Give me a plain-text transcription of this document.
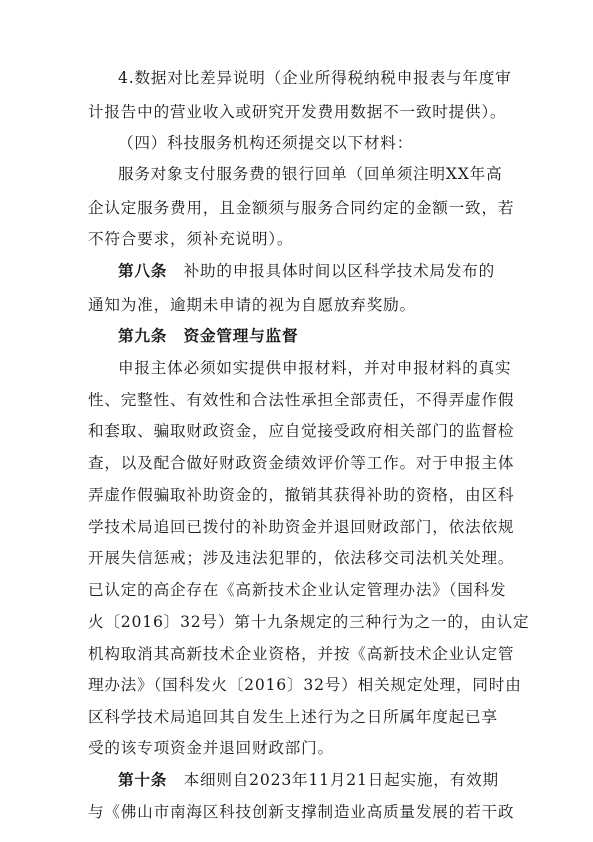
4.数据对比差异说明（企业所得税纳税申报表与年度审
计报告中的营业收入或研究开发费用数据不一致时提供）。
（四）科技服务机构还须提交以下材料：
服务对象支付服务费的银行回单（回单须注明XX年高
企认定服务费用，且金额须与服务合同约定的金额一致，若
不符合要求，须补充说明）。
第八条　 补助的申报具体时间以区科学技术局发布的
通知为准，逾期未申请的视为自愿放弃奖励。
第九条　资金管理与监督
申报主体必须如实提供申报材料，并对申报材料的真实
性、完整性、有效性和合法性承担全部责任，不得弄虚作假
和套取、骗取财政资金，应自觉接受政府相关部门的监督检
查，以及配合做好财政资金绩效评价等工作。对于申报主体
弄虚作假骗取补助资金的，撤销其获得补助的资格，由区科
学技术局追回已拨付的补助资金并退回财政部门，依法依规
开展失信惩戒；涉及违法犯罪的，依法移交司法机关处理。
已认定的高企存在《高新技术企业认定管理办法》（国科发
火〔2016〕32号）第十九条规定的三种行为之一的，由认定
机构取消其高新技术企业资格，并按《高新技术企业认定管
理办法》（国科发火〔2016〕32号）相关规定处理，同时由
区科学技术局追回其自发生上述行为之日所属年度起已享
受的该专项资金并退回财政部门。
第十条　 本细则自2023年11月21日起实施，有效期
与《佛山市南海区科技创新支撑制造业高质量发展的若干政
